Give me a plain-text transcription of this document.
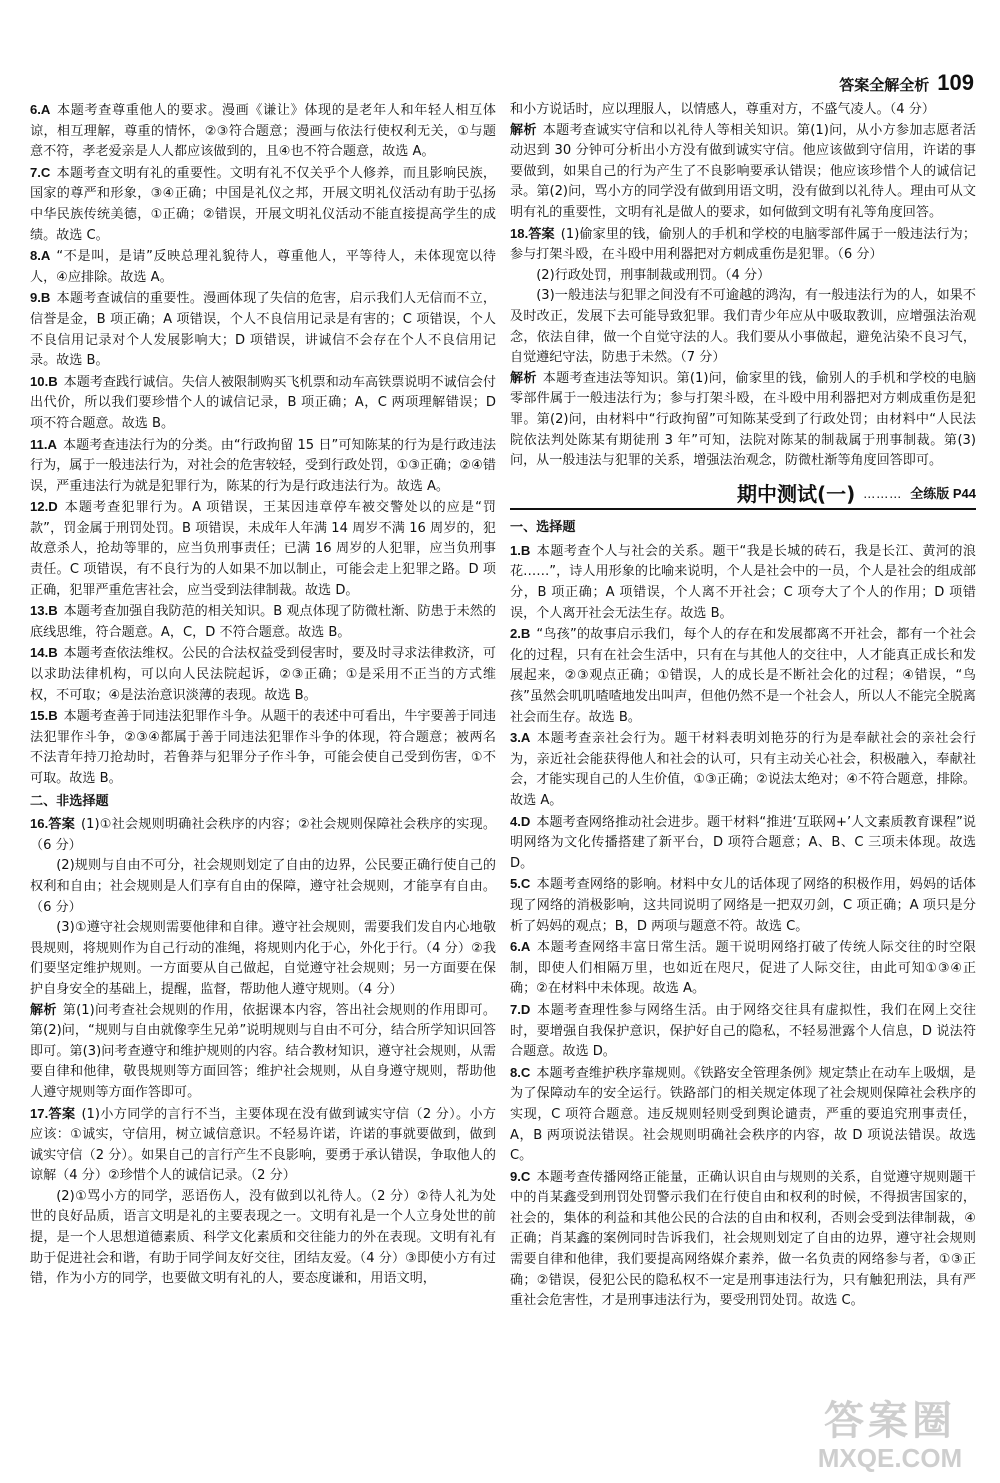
答案全解全析 109

6.A 本题考查尊重他人的要求。漫画《谦让》体现的是老年人和年轻人相互体谅，相互理解，尊重的情怀，②③符合题意；漫画与依法行使权利无关，①与题意不符，孝老爱亲是人人都应该做到的，且④也不符合题意，故选 A。

7.C 本题考查文明有礼的重要性。文明有礼不仅关乎个人修养，而且影响民族，国家的尊严和形象，③④正确；中国是礼仪之邦，开展文明礼仪活动有助于弘扬中华民族传统美德，①正确；②错误，开展文明礼仪活动不能直接提高学生的成绩。故选 C。

8.A “不是叫，是请”反映总理礼貌待人，尊重他人，平等待人，未体现宽以待人，④应排除。故选 A。

9.B 本题考查诚信的重要性。漫画体现了失信的危害，启示我们人无信而不立，信誉是金，B 项正确；A 项错误，个人不良信用记录是有害的；C 项错误，个人不良信用记录对个人发展影响大；D 项错误，讲诚信不会存在个人不良信用记录。故选 B。

10.B 本题考查践行诚信。失信人被限制购买飞机票和动车高铁票说明不诚信会付出代价，所以我们要珍惜个人的诚信记录，B 项正确；A，C 两项理解错误；D 项不符合题意。故选 B。

11.A 本题考查违法行为的分类。由“行政拘留 15 日”可知陈某的行为是行政违法行为，属于一般违法行为，对社会的危害较轻，受到行政处罚，①③正确；②④错误，严重违法行为就是犯罪行为，陈某的行为是行政违法行为。故选 A。

12.D 本题考查犯罪行为。A 项错误，王某因违章停车被交警处以的应是“罚款”，罚金属于刑罚处罚。B 项错误，未成年人年满 14 周岁不满 16 周岁的，犯故意杀人，抢劫等罪的，应当负刑事责任；已满 16 周岁的人犯罪，应当负刑事责任。C 项错误，有不良行为的人如果不加以制止，可能会走上犯罪之路。D 项正确，犯罪严重危害社会，应当受到法律制裁。故选 D。

13.B 本题考查加强自我防范的相关知识。B 观点体现了防微杜渐、防患于未然的底线思维，符合题意。A，C，D 不符合题意。故选 B。

14.B 本题考查依法维权。公民的合法权益受到侵害时，要及时寻求法律救济，可以求助法律机构，可以向人民法院起诉，②③正确；①是采用不正当的方式维权，不可取；④是法治意识淡薄的表现。故选 B。

15.B 本题考查善于同违法犯罪作斗争。从题干的表述中可看出，牛宇要善于同违法犯罪作斗争，②③④都属于善于同违法犯罪作斗争的体现，符合题意；被两名不法青年持刀抢劫时，若鲁莽与犯罪分子作斗争，可能会使自己受到伤害，①不可取。故选 B。

二、非选择题

16.答案 (1)①社会规则明确社会秩序的内容；②社会规则保障社会秩序的实现。（6 分）

(2)规则与自由不可分，社会规则划定了自由的边界，公民要正确行使自己的权利和自由；社会规则是人们享有自由的保障，遵守社会规则，才能享有自由。（6 分）

(3)①遵守社会规则需要他律和自律。遵守社会规则，需要我们发自内心地敬畏规则，将规则作为自己行动的准绳，将规则内化于心，外化于行。（4 分）②我们要坚定维护规则。一方面要从自己做起，自觉遵守社会规则；另一方面要在保护自身安全的基础上，提醒，监督，帮助他人遵守规则。（4 分）

解析 第(1)问考查社会规则的作用，依据课本内容，答出社会规则的作用即可。第(2)问，“规则与自由就像孪生兄弟”说明规则与自由不可分，结合所学知识回答即可。第(3)问考查遵守和维护规则的内容。结合教材知识，遵守社会规则，从需要自律和他律，敬畏规则等方面回答；维护社会规则，从自身遵守规则，帮助他人遵守规则等方面作答即可。

17.答案 (1)小方同学的言行不当，主要体现在没有做到诚实守信（2 分）。小方应该：①诚实，守信用，树立诚信意识。不轻易许诺，许诺的事就要做到，做到诚实守信（2 分）。如果自己的言行产生不良影响，要勇于承认错误，争取他人的谅解（4 分）②珍惜个人的诚信记录。（2 分）

(2)①骂小方的同学，恶语伤人，没有做到以礼待人。（2 分）②待人礼为处世的良好品质，语言文明是礼的主要表现之一。文明有礼是一个人立身处世的前提，是一个人思想道德素质、科学文化素质和交往能力的外在表现。文明有礼有助于促进社会和谐，有助于同学间友好交往，团结友爱。（4 分）③即使小方有过错，作为小方的同学，也要做文明有礼的人，要态度谦和，用语文明，

和小方说话时，应以理服人，以情感人，尊重对方，不盛气凌人。（4 分）

解析 本题考查诚实守信和以礼待人等相关知识。第(1)问，从小方参加志愿者活动迟到 30 分钟可分析出小方没有做到诚实守信。他应该做到守信用，许诺的事要做到，如果自己的行为产生了不良影响要承认错误；他应该珍惜个人的诚信记录。第(2)问，骂小方的同学没有做到用语文明，没有做到以礼待人。理由可从文明有礼的重要性，文明有礼是做人的要求，如何做到文明有礼等角度回答。

18.答案 (1)偷家里的钱，偷别人的手机和学校的电脑零部件属于一般违法行为；参与打架斗殴，在斗殴中用利器把对方刺成重伤是犯罪。（6 分）

(2)行政处罚，刑事制裁或刑罚。（4 分）

(3)一般违法与犯罪之间没有不可逾越的鸿沟，有一般违法行为的人，如果不及时改正，发展下去可能导致犯罪。我们青少年应从中吸取教训，应增强法治观念，依法自律，做一个自觉守法的人。我们要从小事做起，避免沾染不良习气，自觉遵纪守法，防患于未然。（7 分）

解析 本题考查违法等知识。第(1)问，偷家里的钱，偷别人的手机和学校的电脑零部件属于一般违法行为；参与打架斗殴，在斗殴中用利器把对方刺成重伤是犯罪。第(2)问，由材料中“行政拘留”可知陈某受到了行政处罚；由材料中“人民法院依法判处陈某有期徒刑 3 年”可知，法院对陈某的制裁属于刑事制裁。第(3)问，从一般违法与犯罪的关系，增强法治观念，防微杜渐等角度回答即可。

期中测试(一) ……… 全练版 P44

一、选择题

1.B 本题考查个人与社会的关系。题干“我是长城的砖石，我是长江、黄河的浪花……”，诗人用形象的比喻来说明，个人是社会中的一员，个人是社会的组成部分，B 项正确；A 项错误，个人离不开社会；C 项夸大了个人的作用；D 项错误，个人离开社会无法生存。故选 B。

2.B “鸟孩”的故事启示我们，每个人的存在和发展都离不开社会，都有一个社会化的过程，只有在社会生活中，只有在与其他人的交往中，人才能真正成长和发展起来，②③观点正确；①错误，人的成长是不断社会化的过程；④错误，“鸟孩”虽然会叽叽喳喳地发出叫声，但他仍然不是一个社会人，所以人不能完全脱离社会而生存。故选 B。

3.A 本题考查亲社会行为。题干材料表明刘艳芬的行为是奉献社会的亲社会行为，亲近社会能获得他人和社会的认可，只有主动关心社会，积极融入，奉献社会，才能实现自己的人生价值，①③正确；②说法太绝对；④不符合题意，排除。故选 A。

4.D 本题考查网络推动社会进步。题干材料“推进‘互联网+’人文素质教育课程”说明网络为文化传播搭建了新平台，D 项符合题意；A、B、C 三项未体现。故选 D。

5.C 本题考查网络的影响。材料中女儿的话体现了网络的积极作用，妈妈的话体现了网络的消极影响，这共同说明了网络是一把双刃剑，C 项正确；A 项只是分析了妈妈的观点；B，D 两项与题意不符。故选 C。

6.A 本题考查网络丰富日常生活。题干说明网络打破了传统人际交往的时空限制，即使人们相隔万里，也如近在咫尺，促进了人际交往，由此可知①③④正确；②在材料中未体现。故选 A。

7.D 本题考查理性参与网络生活。由于网络交往具有虚拟性，我们在网上交往时，要增强自我保护意识，保护好自己的隐私，不轻易泄露个人信息，D 说法符合题意。故选 D。

8.C 本题考查维护秩序靠规则。《铁路安全管理条例》规定禁止在动车上吸烟，是为了保障动车的安全运行。铁路部门的相关规定体现了社会规则保障社会秩序的实现，C 项符合题意。违反规则轻则受到舆论谴责，严重的要追究刑事责任，A，B 两项说法错误。社会规则明确社会秩序的内容，故 D 项说法错误。故选 C。

9.C 本题考查传播网络正能量，正确认识自由与规则的关系，自觉遵守规则题干中的肖某鑫受到刑罚处罚警示我们在行使自由和权利的时候，不得损害国家的，社会的，集体的利益和其他公民的合法的自由和权利，否则会受到法律制裁，④正确；肖某鑫的案例同时告诉我们，社会规则划定了自由的边界，遵守社会规则需要自律和他律，我们要提高网络媒介素养，做一名负责的网络参与者，①③正确；②错误，侵犯公民的隐私权不一定是刑事违法行为，只有触犯刑法，具有严重社会危害性，才是刑事违法行为，要受刑罚处罚。故选 C。

答案圈
MXQE.COM
